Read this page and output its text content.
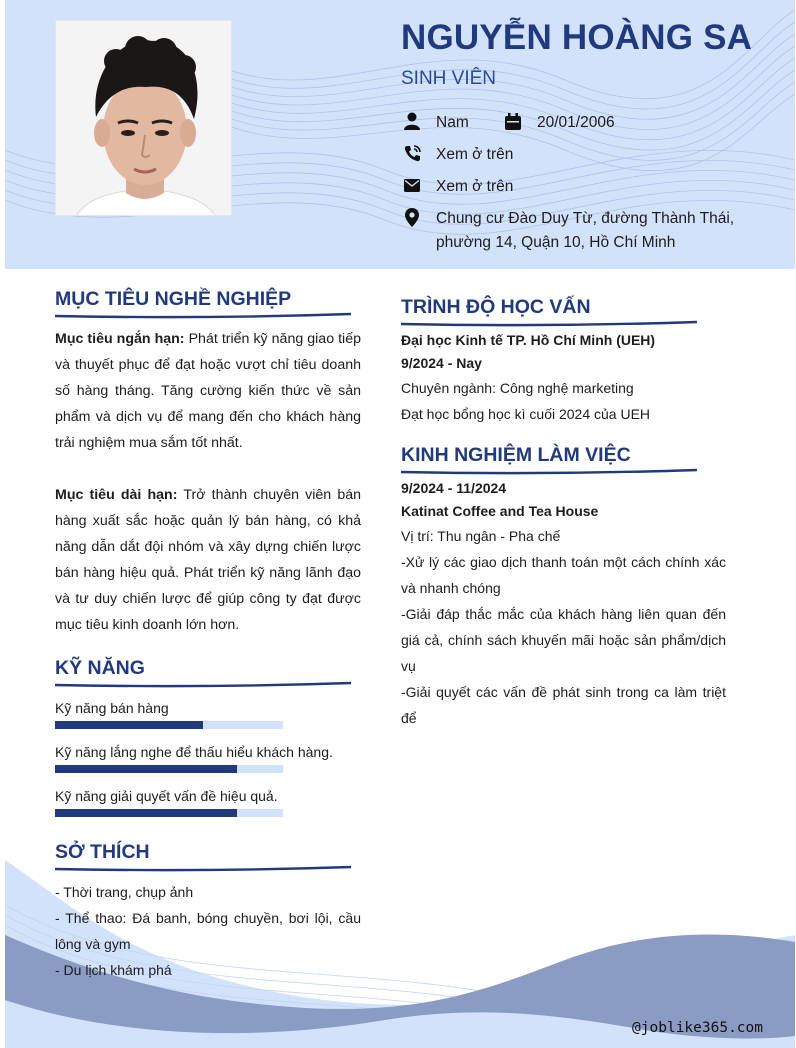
NGUYỄN HOÀNG SA
SINH VIÊN
Nam	20/01/2006
Xem ở trên
Xem ở trên
Chung cư Đào Duy Từ, đường Thành Thái,
phường 14, Quận 10, Hồ Chí Minh
MỤC TIÊU NGHỀ NGHIỆP
Mục tiêu ngắn hạn: Phát triển kỹ năng giao tiếp và thuyết phục để đạt hoặc vượt chỉ tiêu doanh số hàng tháng. Tăng cường kiến thức về sản phẩm và dịch vụ để mang đến cho khách hàng trải nghiệm mua sắm tốt nhất.
Mục tiêu dài hạn: Trở thành chuyên viên bán hàng xuất sắc hoặc quản lý bán hàng, có khả năng dẫn dắt đội nhóm và xây dựng chiến lược bán hàng hiệu quả. Phát triển kỹ năng lãnh đạo và tư duy chiến lược để giúp công ty đạt được mục tiêu kinh doanh lớn hơn.
KỸ NĂNG
Kỹ năng bán hàng
Kỹ năng lắng nghe để thấu hiểu khách hàng.
Kỹ năng giải quyết vấn đề hiệu quả.
SỞ THÍCH
- Thời trang, chụp ảnh
- Thể thao: Đá banh, bóng chuyền, bơi lội, cầu lông và gym
- Du lịch khám phá
TRÌNH ĐỘ HỌC VẤN
Đại học Kinh tế TP. Hồ Chí Minh (UEH)
9/2024 - Nay
Chuyên ngành: Công nghệ marketing
Đạt học bổng học kì cuối 2024 của UEH
KINH NGHIỆM LÀM VIỆC
9/2024 - 11/2024
Katinat Coffee and Tea House
Vị trí: Thu ngân - Pha chế
-Xử lý các giao dịch thanh toán một cách chính xác và nhanh chóng
-Giải đáp thắc mắc của khách hàng liên quan đến giá cả, chính sách khuyến mãi hoặc sản phẩm/dịch vụ
-Giải quyết các vấn đề phát sinh trong ca làm triệt để
@joblike365.com
